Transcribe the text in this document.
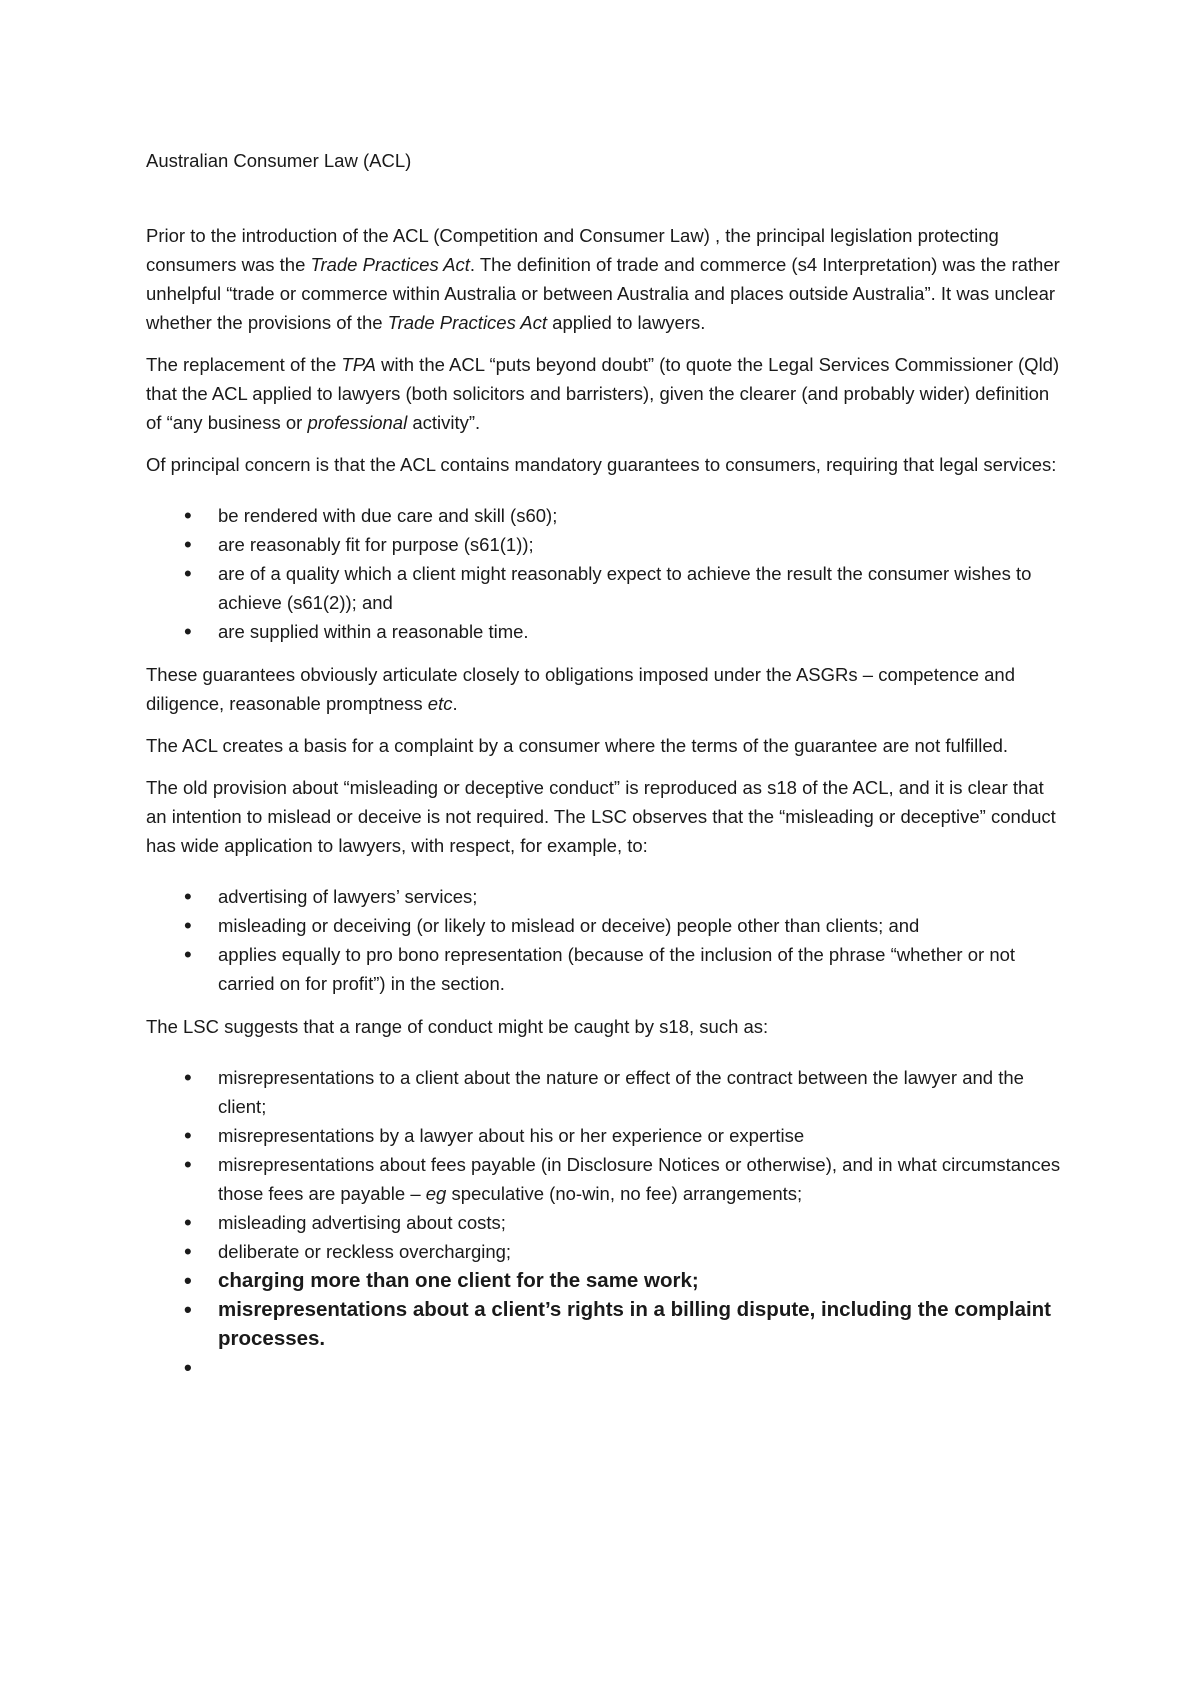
Australian Consumer Law (ACL)

Prior to the introduction of the ACL (Competition and Consumer Law) , the principal legislation protecting consumers was the Trade Practices Act. The definition of trade and commerce (s4 Interpretation) was the rather unhelpful “trade or commerce within Australia or between Australia and places outside Australia”. It was unclear whether the provisions of the Trade Practices Act applied to lawyers.

The replacement of the TPA with the ACL “puts beyond doubt” (to quote the Legal Services Commissioner (Qld) that the ACL applied to lawyers (both solicitors and barristers), given the clearer (and probably wider) definition of “any business or professional activity”.

Of principal concern is that the ACL contains mandatory guarantees to consumers, requiring that legal services:

• be rendered with due care and skill (s60);
• are reasonably fit for purpose (s61(1));
• are of a quality which a client might reasonably expect to achieve the result the consumer wishes to achieve (s61(2)); and
• are supplied within a reasonable time.

These guarantees obviously articulate closely to obligations imposed under the ASGRs – competence and diligence, reasonable promptness etc.

The ACL creates a basis for a complaint by a consumer where the terms of the guarantee are not fulfilled.

The old provision about “misleading or deceptive conduct” is reproduced as s18 of the ACL, and it is clear that an intention to mislead or deceive is not required. The LSC observes that the “misleading or deceptive” conduct has wide application to lawyers, with respect, for example, to:

• advertising of lawyers’ services;
• misleading or deceiving (or likely to mislead or deceive) people other than clients; and
• applies equally to pro bono representation (because of the inclusion of the phrase “whether or not carried on for profit”) in the section.

The LSC suggests that a range of conduct might be caught by s18, such as:

• misrepresentations to a client about the nature or effect of the contract between the lawyer and the client;
• misrepresentations by a lawyer about his or her experience or expertise
• misrepresentations about fees payable (in Disclosure Notices or otherwise), and in what circumstances those fees are payable – eg speculative (no-win, no fee) arrangements;
• misleading advertising about costs;
• deliberate or reckless overcharging;
• charging more than one client for the same work;
• misrepresentations about a client’s rights in a billing dispute, including the complaint processes.
•
